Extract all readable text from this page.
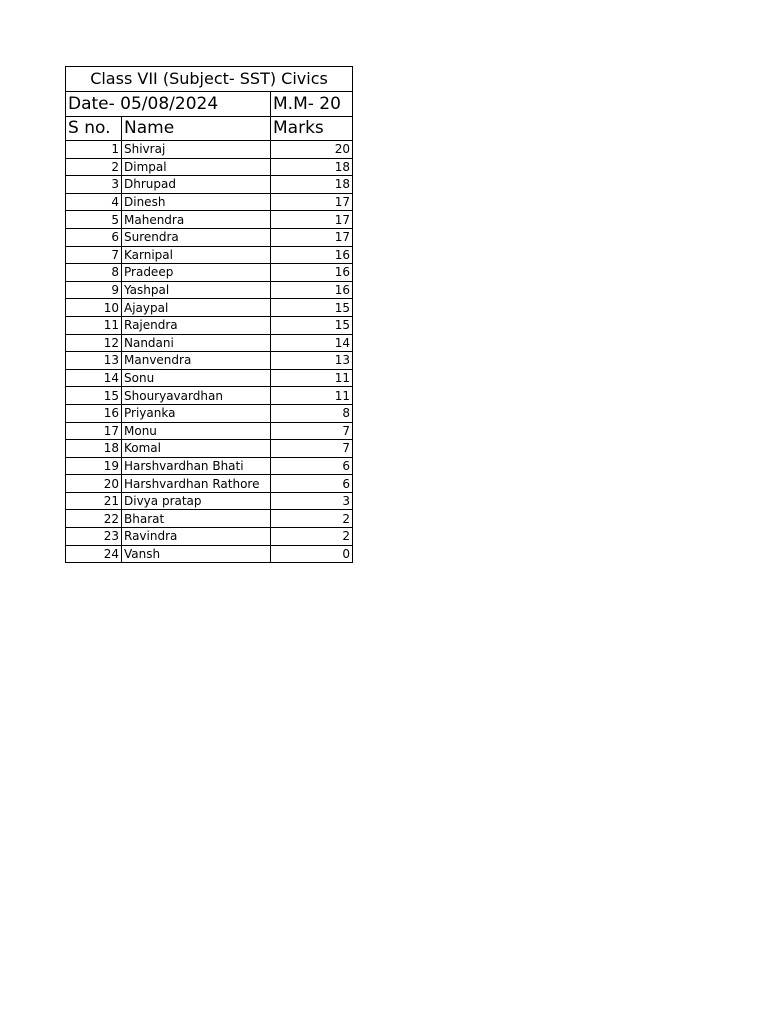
Class VII (Subject- SST) Civics		
Date- 05/08/2024		M.M- 20
S no.	Name	Marks
1	Shivraj	20
2	Dimpal	18
3	Dhrupad	18
4	Dinesh	17
5	Mahendra	17
6	Surendra	17
7	Karnipal	16
8	Pradeep	16
9	Yashpal	16
10	Ajaypal	15
11	Rajendra	15
12	Nandani	14
13	Manvendra	13
14	Sonu	11
15	Shouryavardhan	11
16	Priyanka	8
17	Monu	7
18	Komal	7
19	Harshvardhan Bhati	6
20	Harshvardhan Rathore	6
21	Divya pratap	3
22	Bharat	2
23	Ravindra	2
24	Vansh	0
